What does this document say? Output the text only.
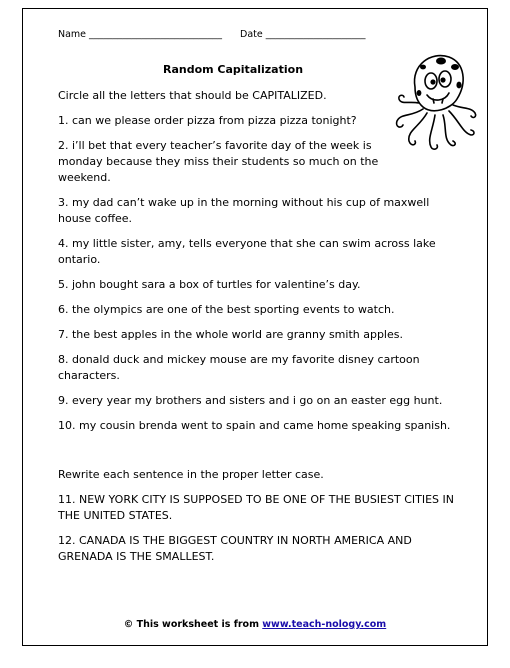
Name ____________________________ Date _____________________
Random Capitalization

Circle all the letters that should be CAPITALIZED.

1. can we please order pizza from pizza pizza tonight?

2. i’ll bet that every teacher’s favorite day of the week is monday because they miss their students so much on the weekend.

3. my dad can’t wake up in the morning without his cup of maxwell house coffee.

4. my little sister, amy, tells everyone that she can swim across lake ontario.

5. john bought sara a box of turtles for valentine’s day.

6. the olympics are one of the best sporting events to watch.

7. the best apples in the whole world are granny smith apples.

8. donald duck and mickey mouse are my favorite disney cartoon characters.

9. every year my brothers and sisters and i go on an easter egg hunt.

10. my cousin brenda went to spain and came home speaking spanish.

Rewrite each sentence in the proper letter case.

11. NEW YORK CITY IS SUPPOSED TO BE ONE OF THE BUSIEST CITIES IN THE UNITED STATES.

12. CANADA IS THE BIGGEST COUNTRY IN NORTH AMERICA AND GRENADA IS THE SMALLEST.

© This worksheet is from www.teach-nology.com
